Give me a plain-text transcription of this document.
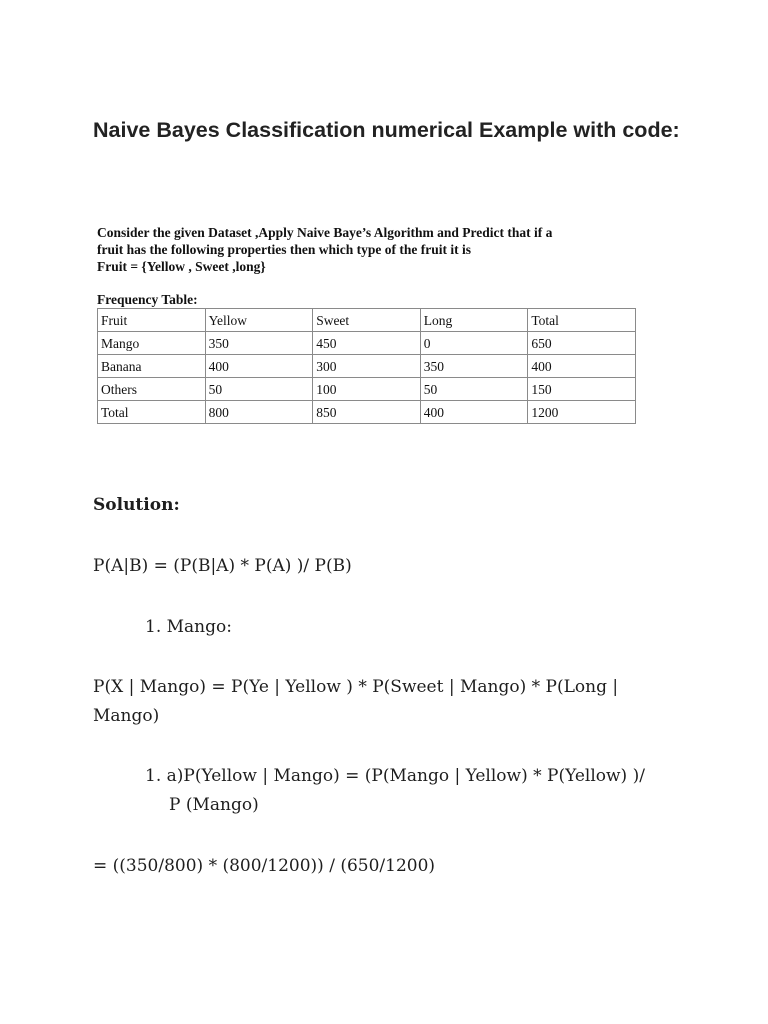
Naive Bayes Classification numerical Example with code:

Consider the given Dataset ,Apply Naive Baye’s Algorithm and Predict that if a
fruit has the following properties then which type of the fruit it is
Fruit = {Yellow , Sweet ,long}

Frequency Table:
Fruit	Yellow	Sweet	Long	Total
Mango	350	450	0	650
Banana	400	300	350	400
Others	50	100	50	150
Total	800	850	400	1200

Solution:

P(A|B) = (P(B|A) * P(A) )/ P(B)

1. Mango:

P(X | Mango) = P(Ye | Yellow ) * P(Sweet | Mango) * P(Long | Mango)

1. a)P(Yellow | Mango) = (P(Mango | Yellow) * P(Yellow) )/ P (Mango)

= ((350/800) * (800/1200)) / (650/1200)
